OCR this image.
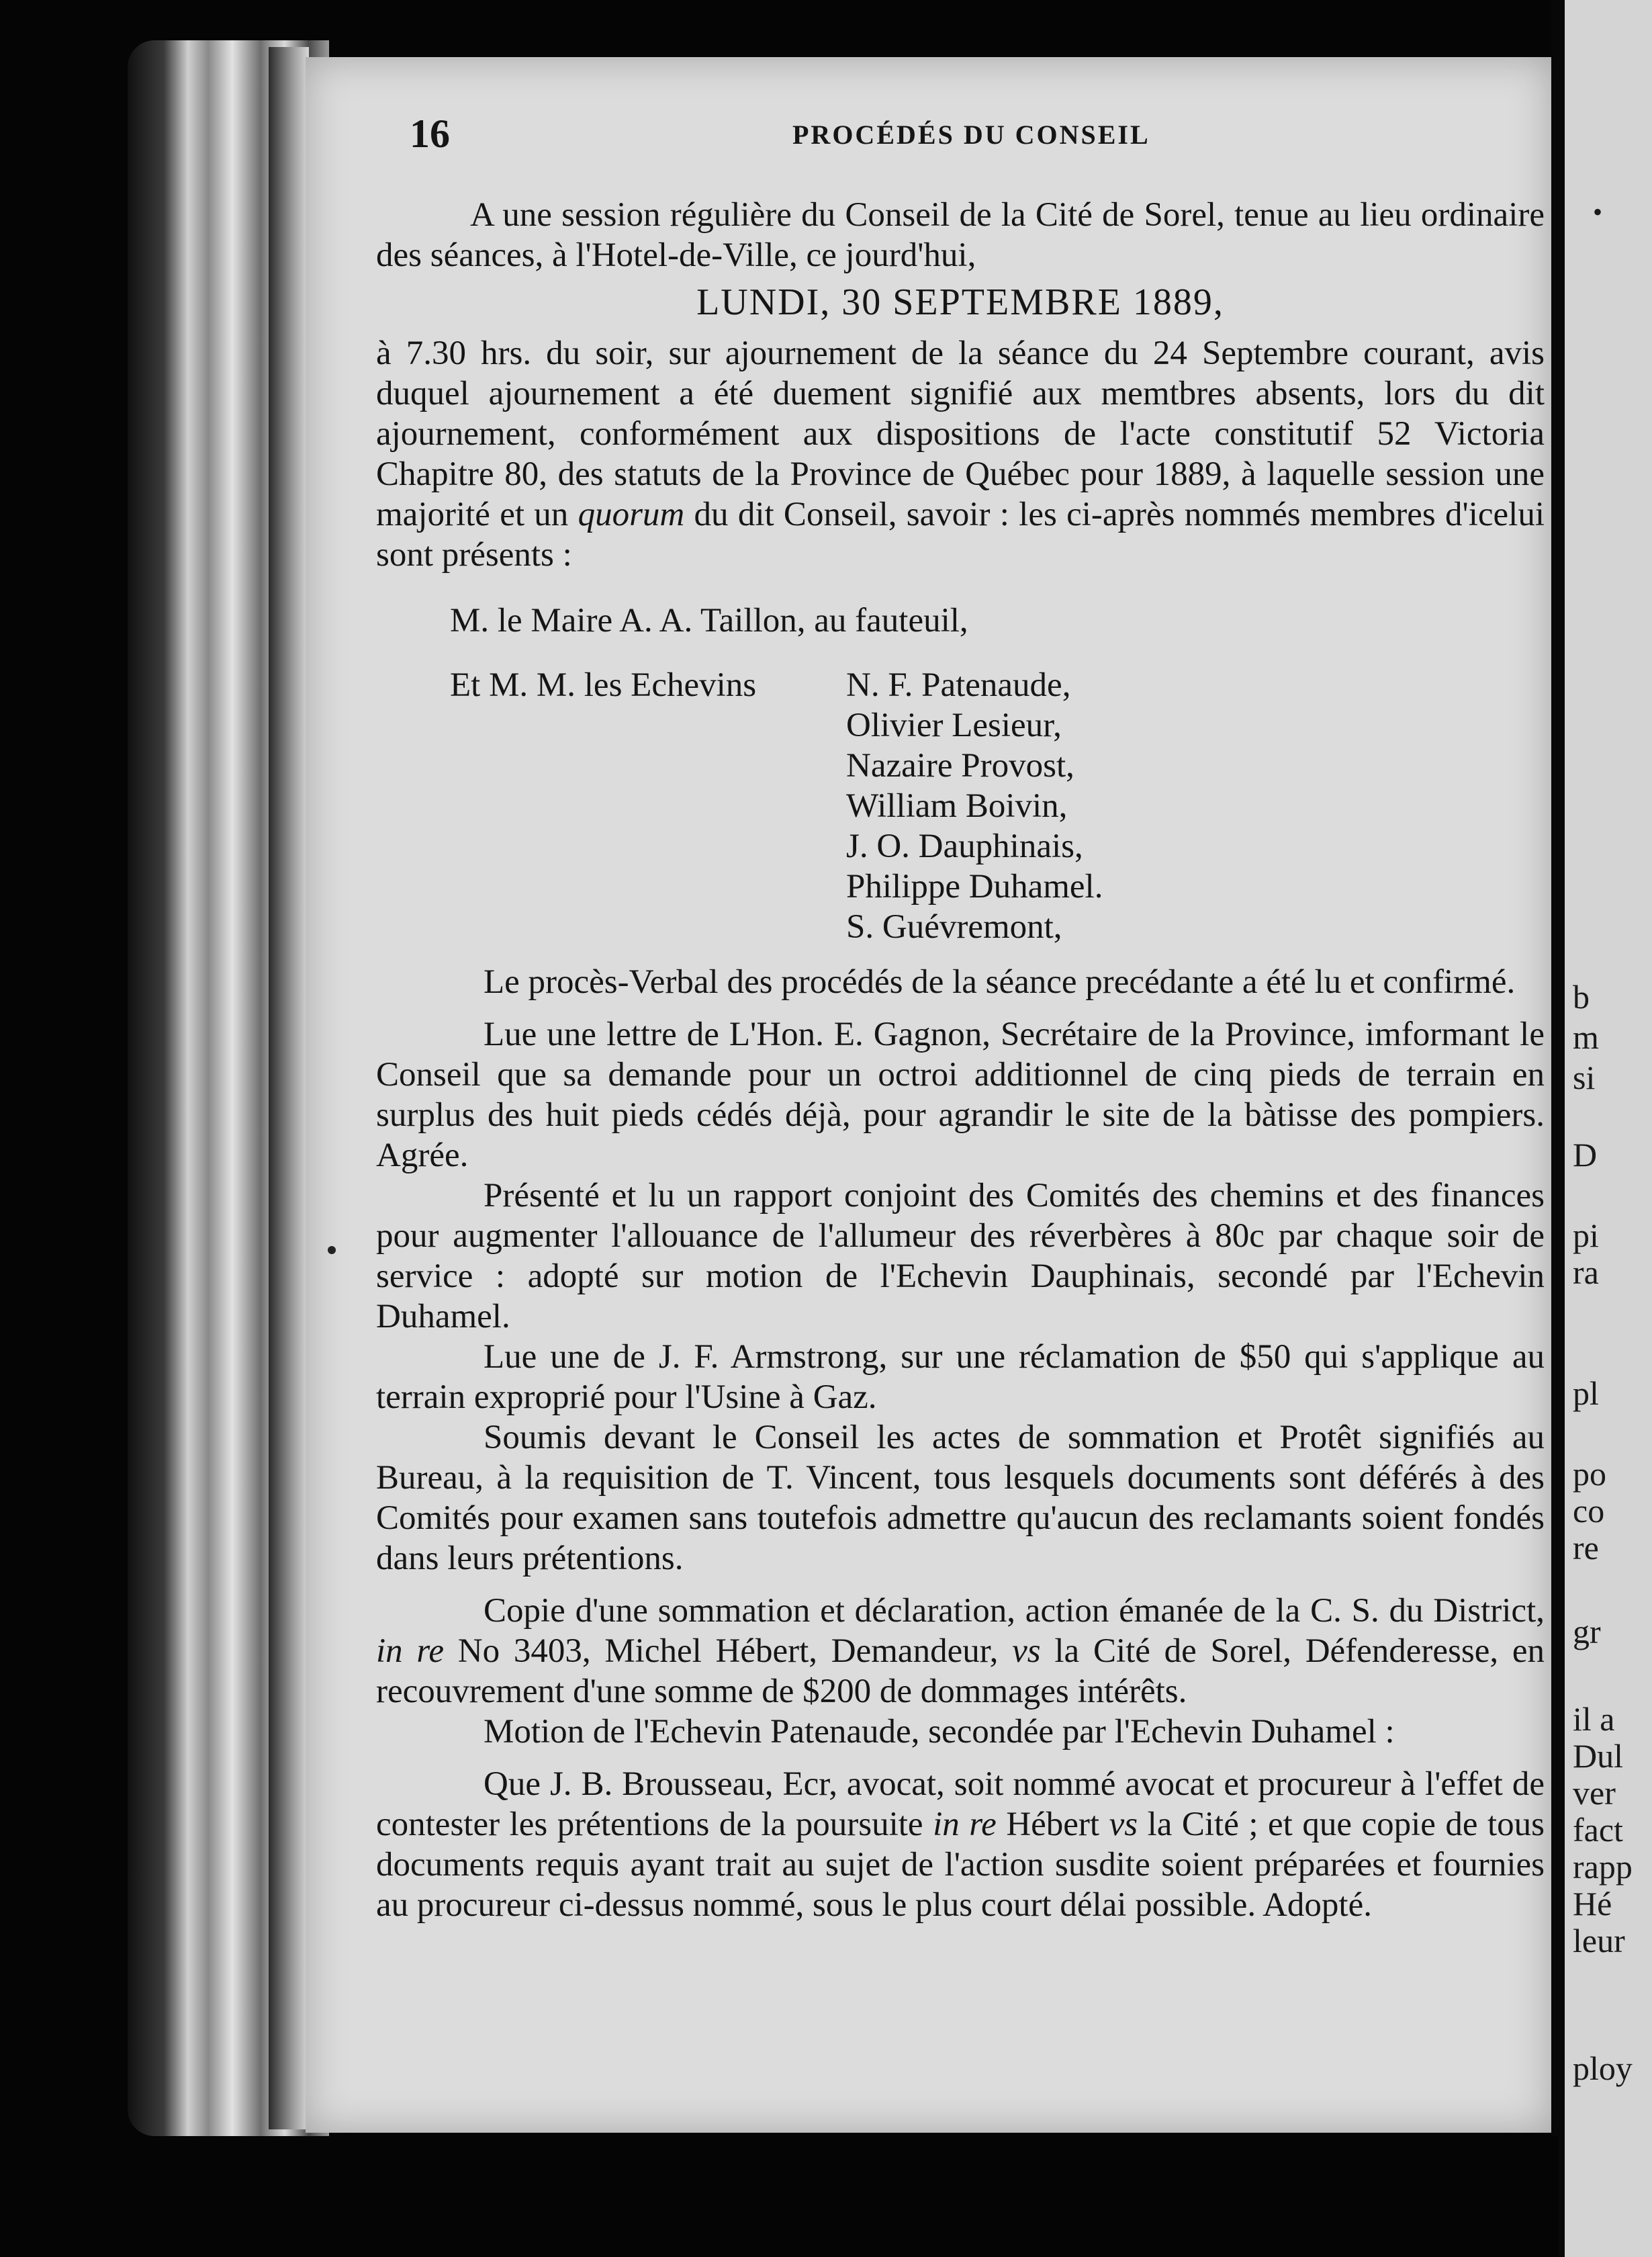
b
m
si
D
pi
ra
pl
po
co
re
gr
il a
Dul
ver
fact
rapp
Hé
leur
ploy
16	PROCÉDÉS DU CONSEIL
•

A une session régulière du Conseil de la Cité de Sorel, tenue au lieu ordinaire des séances, à l'Hotel-de-Ville, ce jourd'hui,

LUNDI, 30 SEPTEMBRE 1889,

à 7.30 hrs. du soir, sur ajournement de la séance du 24 Septembre courant, avis duquel ajournement a été duement signifié aux memtbres absents, lors du dit ajournement, conformément aux dispositions de l'acte constitutif 52 Victoria Chapitre 80, des statuts de la Province de Québec pour 1889, à laquelle session une majorité et un quorum du dit Conseil, savoir : les ci-après nommés membres d'icelui sont présents :

M. le Maire A. A. Taillon, au fauteuil,

Et M. M. les Echevins	N. F. Patenaude,
Olivier Lesieur,
Nazaire Provost,
William Boivin,
J. O. Dauphinais,
Philippe Duhamel.
S. Guévremont,

Le procès-Verbal des procédés de la séance precédante a été lu et confirmé.

Lue une lettre de L'Hon. E. Gagnon, Secrétaire de la Province, imformant le Conseil que sa demande pour un octroi additionnel de cinq pieds de terrain en surplus des huit pieds cédés déjà, pour agrandir le site de la bàtisse des pompiers. Agrée.

Présenté et lu un rapport conjoint des Comités des chemins et des finances pour augmenter l'allouance de l'allumeur des réverbères à 80c par chaque soir de service : adopté sur motion de l'Echevin Dauphinais, secondé par l'Echevin Duhamel.

Lue une de J. F. Armstrong, sur une réclamation de $50 qui s'applique au terrain exproprié pour l'Usine à Gaz.

Soumis devant le Conseil les actes de sommation et Protêt signifiés au Bureau, à la requisition de T. Vincent, tous lesquels documents sont déférés à des Comités pour examen sans toutefois admettre qu'aucun des reclamants soient fondés dans leurs prétentions.

Copie d'une sommation et déclaration, action émanée de la C. S. du District, in re No 3403, Michel Hébert, Demandeur, vs la Cité de Sorel, Défenderesse, en recouvrement d'une somme de $200 de dommages intérêts.

Motion de l'Echevin Patenaude, secondée par l'Echevin Duhamel :

Que J. B. Brousseau, Ecr, avocat, soit nommé avocat et procureur à l'effet de contester les prétentions de la poursuite in re Hébert vs la Cité ; et que copie de tous documents requis ayant trait au sujet de l'action susdite soient préparées et fournies au procureur ci-dessus nommé, sous le plus court délai possible. Adopté.
